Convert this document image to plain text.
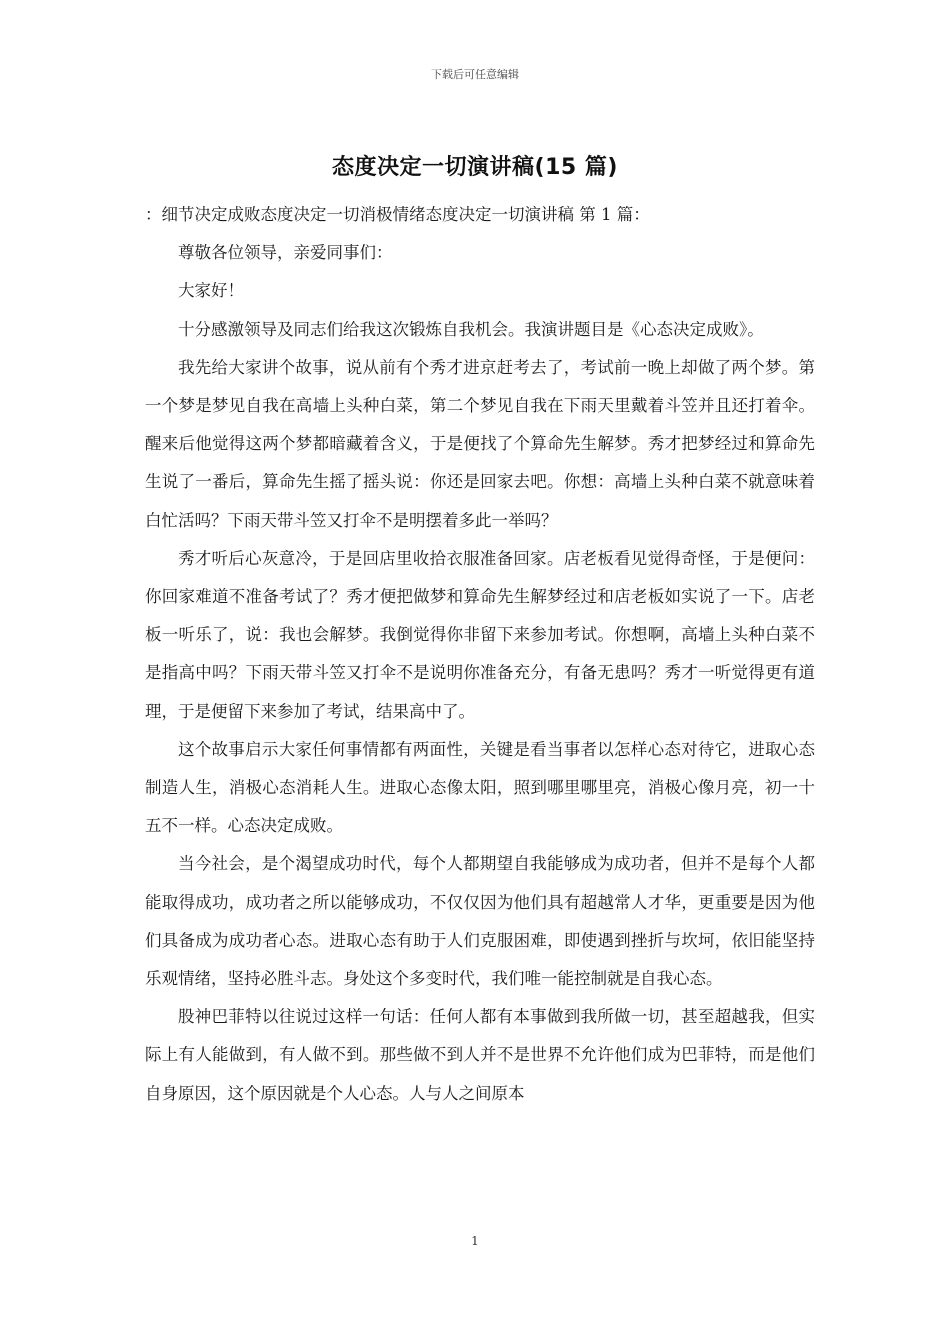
下载后可任意编辑
态度决定一切演讲稿(15 篇)

：细节决定成败态度决定一切消极情绪态度决定一切演讲稿 第 1 篇：

尊敬各位领导，亲爱同事们：

大家好！

十分感激领导及同志们给我这次锻炼自我机会。我演讲题目是《心态决定成败》。

我先给大家讲个故事，说从前有个秀才进京赶考去了，考试前一晚上却做了两个梦。第一个梦是梦见自我在高墙上头种白菜，第二个梦见自我在下雨天里戴着斗笠并且还打着伞。醒来后他觉得这两个梦都暗藏着含义，于是便找了个算命先生解梦。秀才把梦经过和算命先生说了一番后，算命先生摇了摇头说：你还是回家去吧。你想：高墙上头种白菜不就意味着白忙活吗？下雨天带斗笠又打伞不是明摆着多此一举吗？

秀才听后心灰意冷，于是回店里收拾衣服准备回家。店老板看见觉得奇怪，于是便问：你回家难道不准备考试了？秀才便把做梦和算命先生解梦经过和店老板如实说了一下。店老板一听乐了，说：我也会解梦。我倒觉得你非留下来参加考试。你想啊，高墙上头种白菜不是指高中吗？下雨天带斗笠又打伞不是说明你准备充分，有备无患吗？秀才一听觉得更有道理，于是便留下来参加了考试，结果高中了。

这个故事启示大家任何事情都有两面性，关键是看当事者以怎样心态对待它，进取心态制造人生，消极心态消耗人生。进取心态像太阳，照到哪里哪里亮，消极心像月亮，初一十五不一样。心态决定成败。

当今社会，是个渴望成功时代，每个人都期望自我能够成为成功者，但并不是每个人都能取得成功，成功者之所以能够成功，不仅仅因为他们具有超越常人才华，更重要是因为他们具备成为成功者心态。进取心态有助于人们克服困难，即使遇到挫折与坎坷，依旧能坚持乐观情绪，坚持必胜斗志。身处这个多变时代，我们唯一能控制就是自我心态。

股神巴菲特以往说过这样一句话：任何人都有本事做到我所做一切，甚至超越我，但实际上有人能做到，有人做不到。那些做不到人并不是世界不允许他们成为巴菲特，而是他们自身原因，这个原因就是个人心态。人与人之间原本

1
